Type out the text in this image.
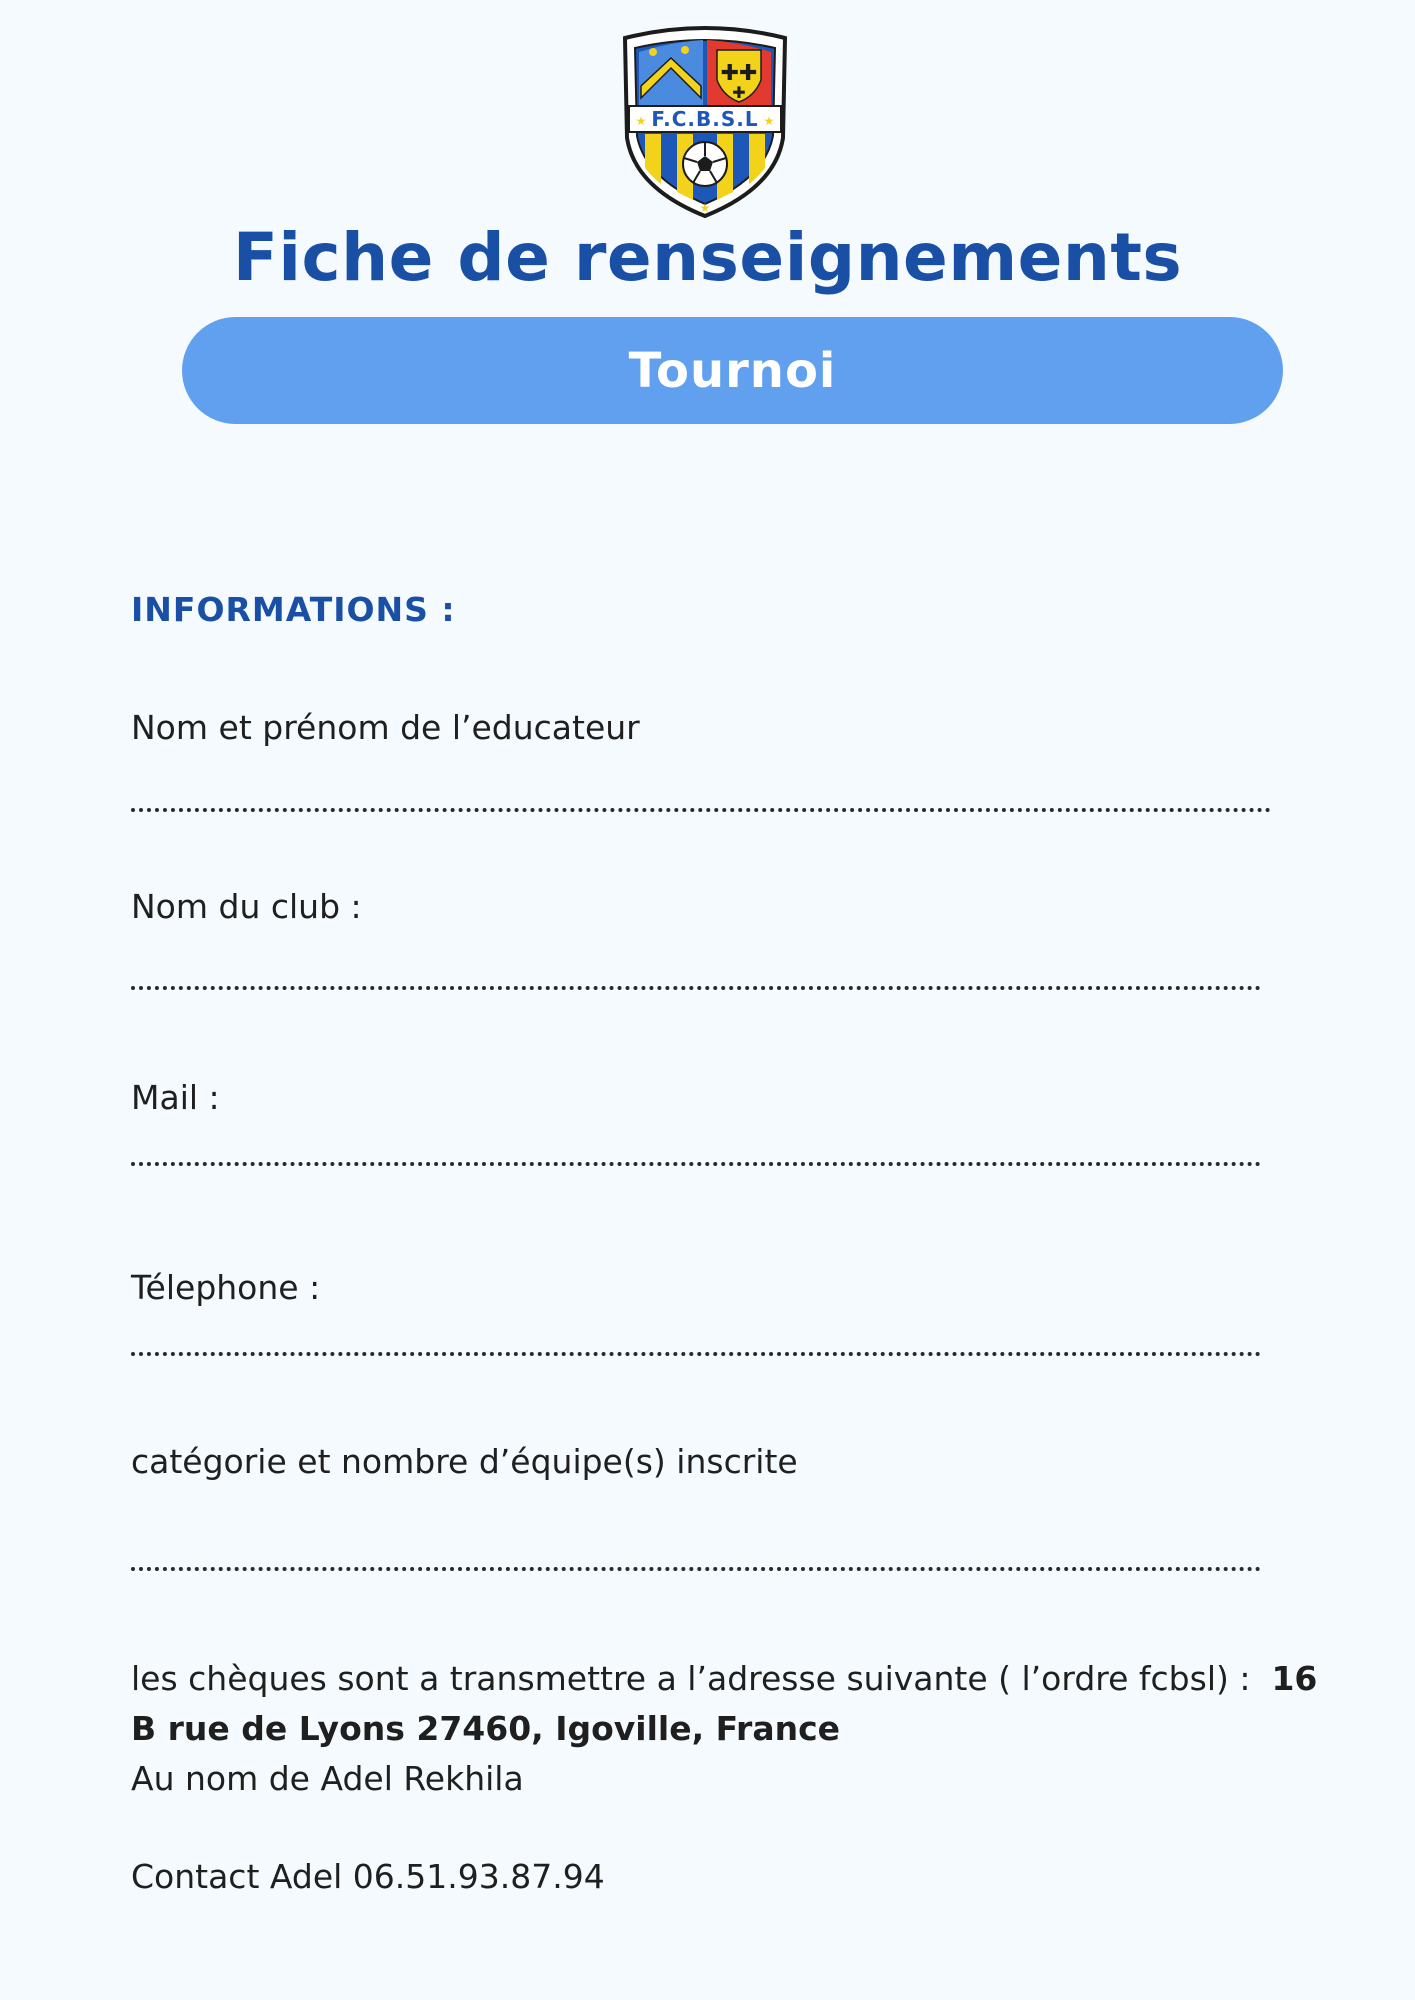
✚✚
✚
F.C.B.S.L
★	★
★
Fiche de renseignements
Tournoi
INFORMATIONS :

Nom et prénom de l’educateur

Nom du club :

Mail :

Télephone :

catégorie et nombre d’équipe(s) inscrite

les chèques sont a transmettre a l’adresse suivante ( l’ordre fcbsl) : 16 B rue de Lyons 27460, Igoville, France
Au nom de Adel Rekhila

Contact Adel 06.51.93.87.94
